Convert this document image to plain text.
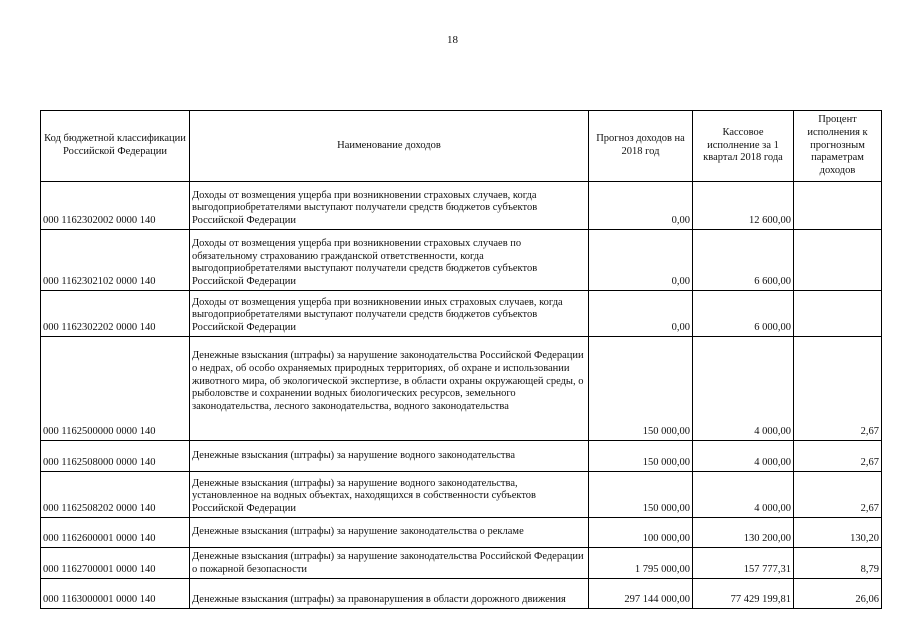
18
Код бюджетной классификации Российской Федерации	Наименование доходов	Прогноз доходов на 2018 год	Кассовое исполнение за 1 квартал 2018 года	Процент исполнения к прогнозным параметрам доходов
000 1162302002 0000 140	Доходы от возмещения ущерба при возникновении страховых случаев, когда выгодоприобретателями выступают получатели средств бюджетов субъектов Российской Федерации	0,00	12 600,00	
000 1162302102 0000 140	Доходы от возмещения ущерба при возникновении страховых случаев по обязательному страхованию гражданской ответственности, когда выгодоприобретателями выступают получатели средств бюджетов субъектов Российской Федерации	0,00	6 600,00	
000 1162302202 0000 140	Доходы от возмещения ущерба при возникновении иных страховых случаев, когда выгодоприобретателями выступают получатели средств бюджетов субъектов Российской Федерации	0,00	6 000,00	
000 1162500000 0000 140	Денежные взыскания (штрафы) за нарушение законодательства Российской Федерации о недрах, об особо охраняемых природных территориях, об охране и использовании животного мира, об экологической экспертизе, в области охраны окружающей среды, о рыболовстве и сохранении водных биологических ресурсов, земельного законодательства, лесного законодательства, водного законодательства	150 000,00	4 000,00	2,67
000 1162508000 0000 140	Денежные взыскания (штрафы) за нарушение водного законодательства	150 000,00	4 000,00	2,67
000 1162508202 0000 140	Денежные взыскания (штрафы) за нарушение водного законодательства, установленное на водных объектах, находящихся в собственности субъектов Российской Федерации	150 000,00	4 000,00	2,67
000 1162600001 0000 140	Денежные взыскания (штрафы) за нарушение законодательства о рекламе	100 000,00	130 200,00	130,20
000 1162700001 0000 140	Денежные взыскания (штрафы) за нарушение законодательства Российской Федерации о пожарной безопасности	1 795 000,00	157 777,31	8,79
000 1163000001 0000 140	Денежные взыскания (штрафы) за правонарушения в области дорожного движения	297 144 000,00	77 429 199,81	26,06
